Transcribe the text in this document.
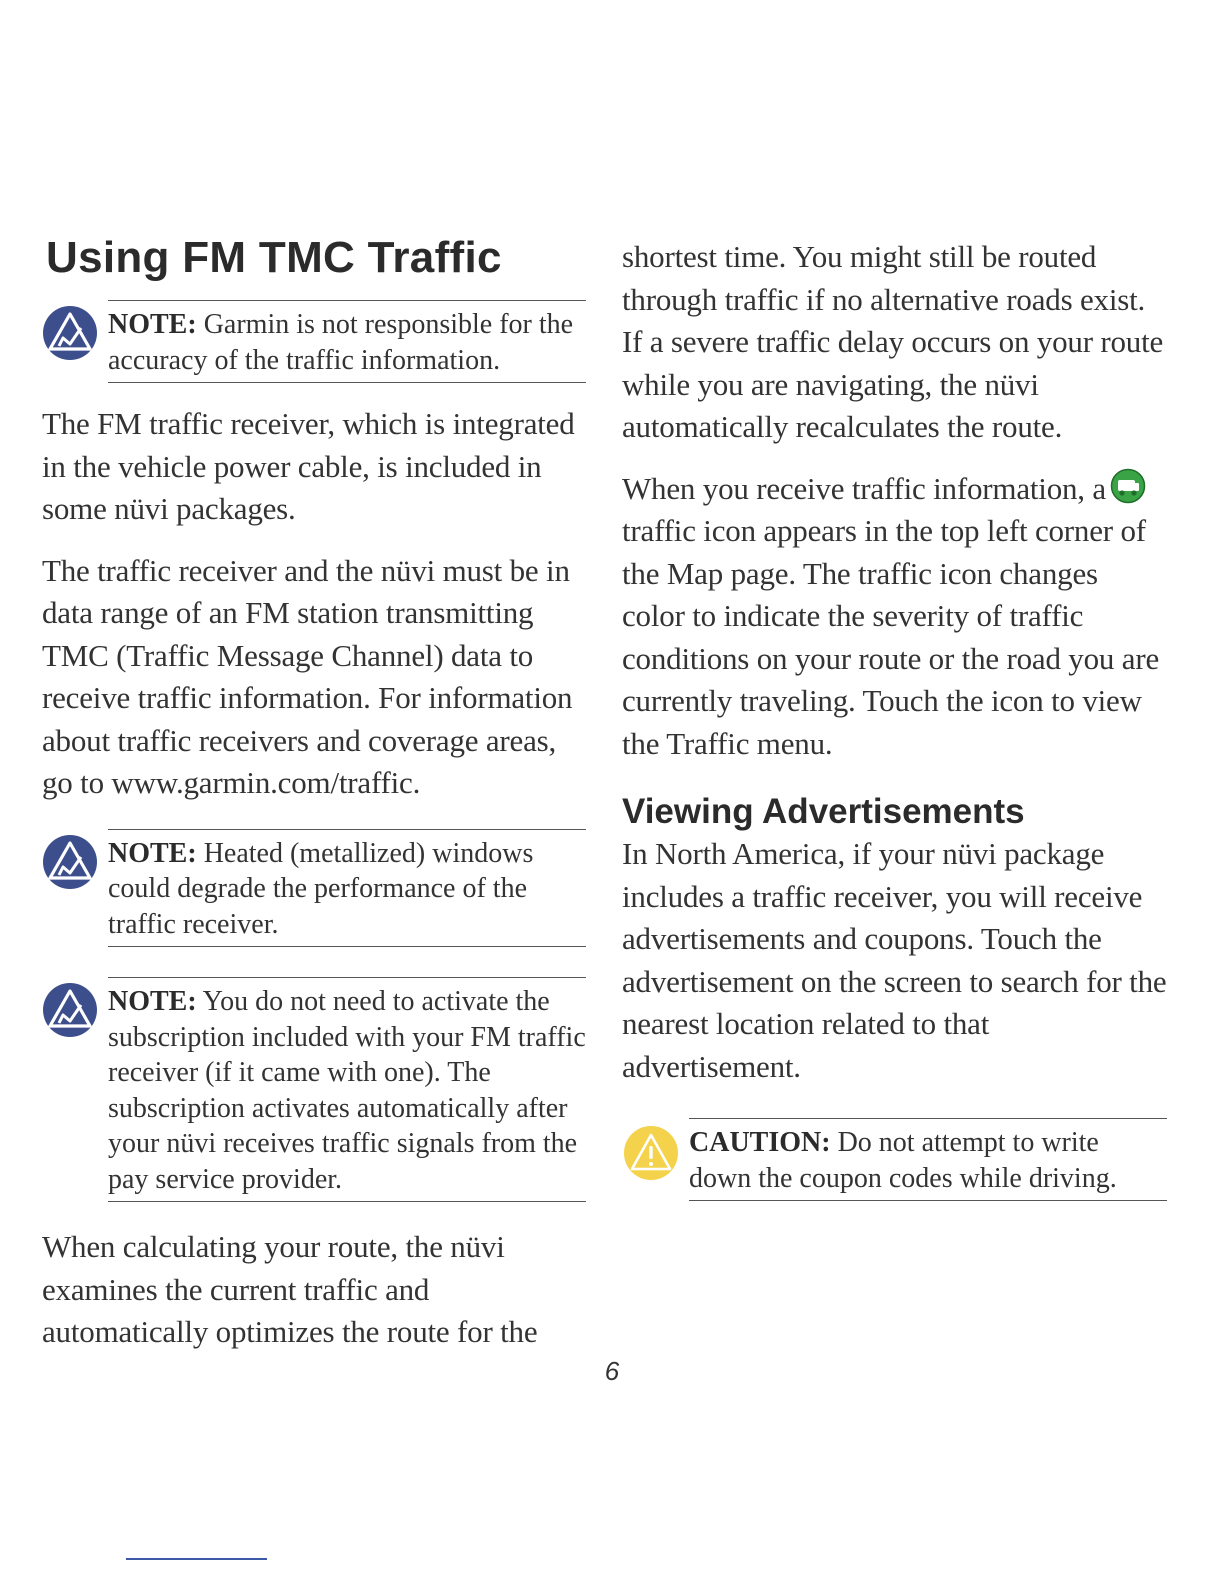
Using FM TMC Traffic
NOTE: Garmin is not responsible for the accuracy of the traffic information.

The FM traffic receiver, which is integrated in the vehicle power cable, is included in some nüvi packages.

The traffic receiver and the nüvi must be in data range of an FM station transmitting TMC (Traffic Message Channel) data to receive traffic information. For information about traffic receivers and coverage areas, go to www.garmin.com/traffic.

NOTE: Heated (metallized) windows could degrade the performance of the traffic receiver.
NOTE: You do not need to activate the subscription included with your FM traffic receiver (if it came with one). The subscription activates automatically after your nüvi receives traffic signals from the pay service provider.

When calculating your route, the nüvi examines the current traffic and automatically optimizes the route for the

shortest time. You might still be routed through traffic if no alternative roads exist. If a severe traffic delay occurs on your route while you are navigating, the nüvi automatically recalculates the route.

When you receive traffic information, a traffic icon appears in the top left corner of the Map page. The traffic icon changes color to indicate the severity of traffic conditions on your route or the road you are currently traveling. Touch the icon to view the Traffic menu.

Viewing Advertisements

In North America, if your nüvi package includes a traffic receiver, you will receive advertisements and coupons. Touch the advertisement on the screen to search for the nearest location related to that advertisement.

CAUTION: Do not attempt to write down the coupon codes while driving.
6
